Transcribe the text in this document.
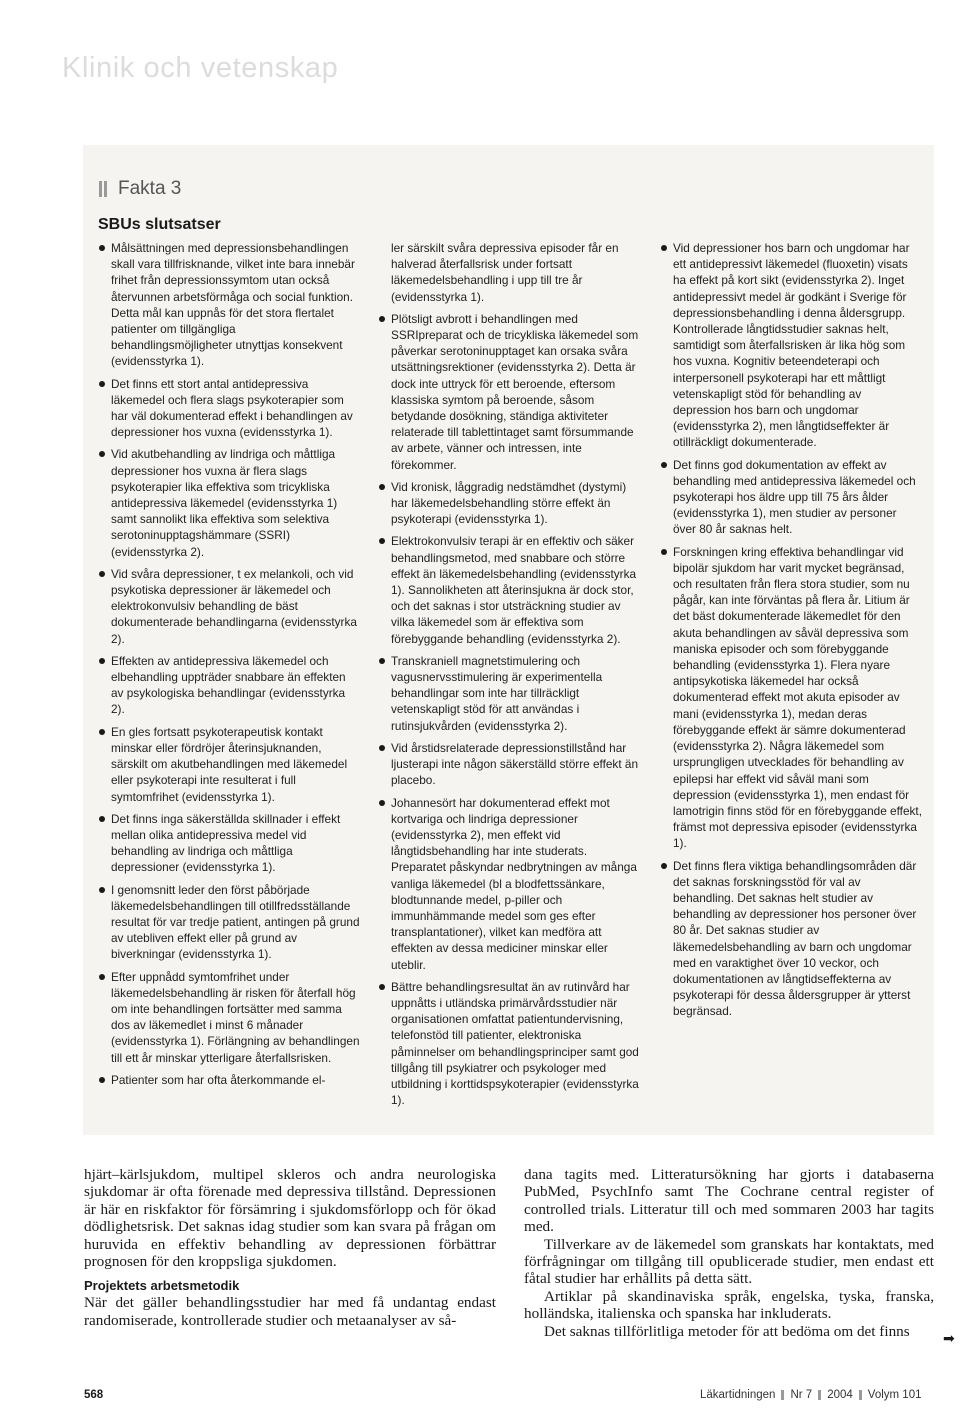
Klinik och vetenskap
Fakta 3
SBUs slutsatser
Målsättningen med depressionsbehandlingen skall vara tillfrisknande, vilket inte bara innebär frihet från depressionssymtom utan också återvunnen arbetsförmåga och social funktion. Detta mål kan uppnås för det stora flertalet patienter om tillgängliga behandlingsmöjligheter utnyttjas konsekvent (evidensstyrka 1).
Det finns ett stort antal antidepressiva läkemedel och flera slags psykoterapier som har väl dokumenterad effekt i behandlingen av depressioner hos vuxna (evidensstyrka 1).
Vid akutbehandling av lindriga och måttliga depressioner hos vuxna är flera slags psykoterapier lika effektiva som tricykliska antidepressiva läkemedel (evidensstyrka 1) samt sannolikt lika effektiva som selektiva serotoninupptagshämmare (SSRI) (evidensstyrka 2).
Vid svåra depressioner, t ex melankoli, och vid psykotiska depressioner är läkemedel och elektrokonvulsiv behandling de bäst dokumenterade behandlingarna (evidensstyrka 2).
Effekten av antidepressiva läkemedel och elbehandling uppträder snabbare än effekten av psykologiska behandlingar (evidensstyrka 2).
En gles fortsatt psykoterapeutisk kontakt minskar eller fördröjer återinsjuknanden, särskilt om akutbehandlingen med läkemedel eller psykoterapi inte resulterat i full symtomfrihet (evidensstyrka 1).
Det finns inga säkerställda skillnader i effekt mellan olika antidepressiva medel vid behandling av lindriga och måttliga depressioner (evidensstyrka 1).
I genomsnitt leder den först påbörjade läkemedelsbehandlingen till otillfredsställande resultat för var tredje patient, antingen på grund av utebliven effekt eller på grund av biverkningar (evidensstyrka 1).
Efter uppnådd symtomfrihet under läkemedelsbehandling är risken för återfall hög om inte behandlingen fortsätter med samma dos av läkemedlet i minst 6 månader (evidensstyrka 1). Förlängning av behandlingen till ett år minskar ytterligare återfallsrisken.
Patienter som har ofta återkommande el-
ler särskilt svåra depressiva episoder får en halverad återfallsrisk under fortsatt läkemedelsbehandling i upp till tre år (evidensstyrka 1).
Plötsligt avbrott i behandlingen med SSRIpreparat och de tricykliska läkemedel som påverkar serotoninupptaget kan orsaka svåra utsättningsrektioner (evidensstyrka 2). Detta är dock inte uttryck för ett beroende, eftersom klassiska symtom på beroende, såsom betydande dosökning, ständiga aktiviteter relaterade till tablettintaget samt försummande av arbete, vänner och intressen, inte förekommer.
Vid kronisk, låggradig nedstämdhet (dystymi) har läkemedelsbehandling större effekt än psykoterapi (evidensstyrka 1).
Elektrokonvulsiv terapi är en effektiv och säker behandlingsmetod, med snabbare och större effekt än läkemedelsbehandling (evidensstyrka 1). Sannolikheten att återinsjukna är dock stor, och det saknas i stor utsträckning studier av vilka läkemedel som är effektiva som förebyggande behandling (evidensstyrka 2).
Transkraniell magnetstimulering och vagusnervsstimulering är experimentella behandlingar som inte har tillräckligt vetenskapligt stöd för att användas i rutinsjukvården (evidensstyrka 2).
Vid årstidsrelaterade depressionstillstånd har ljusterapi inte någon säkerställd större effekt än placebo.
Johannesört har dokumenterad effekt mot kortvariga och lindriga depressioner (evidensstyrka 2), men effekt vid långtidsbehandling har inte studerats. Preparatet påskyndar nedbrytningen av många vanliga läkemedel (bl a blodfettssänkare, blodtunnande medel, p-piller och immunhämmande medel som ges efter transplantationer), vilket kan medföra att effekten av dessa mediciner minskar eller uteblir.
Bättre behandlingsresultat än av rutinvård har uppnåtts i utländska primärvårdsstudier när organisationen omfattat patientundervisning, telefonstöd till patienter, elektroniska påminnelser om behandlingsprinciper samt god tillgång till psykiatrer och psykologer med utbildning i korttidspsykoterapier (evidensstyrka 1).
Vid depressioner hos barn och ungdomar har ett antidepressivt läkemedel (fluoxetin) visats ha effekt på kort sikt (evidensstyrka 2). Inget antidepressivt medel är godkänt i Sverige för depressionsbehandling i denna åldersgrupp. Kontrollerade långtidsstudier saknas helt, samtidigt som återfallsrisken är lika hög som hos vuxna. Kognitiv beteendeterapi och interpersonell psykoterapi har ett måttligt vetenskapligt stöd för behandling av depression hos barn och ungdomar (evidensstyrka 2), men långtidseffekter är otillräckligt dokumenterade.
Det finns god dokumentation av effekt av behandling med antidepressiva läkemedel och psykoterapi hos äldre upp till 75 års ålder (evidensstyrka 1), men studier av personer över 80 år saknas helt.
Forskningen kring effektiva behandlingar vid bipolär sjukdom har varit mycket begränsad, och resultaten från flera stora studier, som nu pågår, kan inte förväntas på flera år. Litium är det bäst dokumenterade läkemedlet för den akuta behandlingen av såväl depressiva som maniska episoder och som förebyggande behandling (evidensstyrka 1). Flera nyare antipsykotiska läkemedel har också dokumenterad effekt mot akuta episoder av mani (evidensstyrka 1), medan deras förebyggande effekt är sämre dokumenterad (evidensstyrka 2). Några läkemedel som ursprungligen utvecklades för behandling av epilepsi har effekt vid såväl mani som depression (evidensstyrka 1), men endast för lamotrigin finns stöd för en förebyggande effekt, främst mot depressiva episoder (evidensstyrka 1).
Det finns flera viktiga behandlingsområden där det saknas forskningsstöd för val av behandling. Det saknas helt studier av behandling av depressioner hos personer över 80 år. Det saknas studier av läkemedelsbehandling av barn och ungdomar med en varaktighet över 10 veckor, och dokumentationen av långtidseffekterna av psykoterapi för dessa åldersgrupper är ytterst begränsad.

hjärt–kärlsjukdom, multipel skleros och andra neurologiska sjukdomar är ofta förenade med depressiva tillstånd. Depressionen är här en riskfaktor för försämring i sjukdomsförlopp och för ökad dödlighetsrisk. Det saknas idag studier som kan svara på frågan om huruvida en effektiv behandling av depressionen förbättrar prognosen för den kroppsliga sjukdomen.

Projektets arbetsmetodik

När det gäller behandlingsstudier har med få undantag endast randomiserade, kontrollerade studier och metaanalyser av så-

dana tagits med. Litteratursökning har gjorts i databaserna PubMed, PsychInfo samt The Cochrane central register of controlled trials. Litteratur till och med sommaren 2003 har tagits med.

Tillverkare av de läkemedel som granskats har kontaktats, med förfrågningar om tillgång till opublicerade studier, men endast ett fåtal studier har erhållits på detta sätt.

Artiklar på skandinaviska språk, engelska, tyska, franska, holländska, italienska och spanska har inkluderats.

Det saknas tillförlitliga metoder för att bedöma om det finns	➡
568	Läkartidningen Nr 7 2004 Volym 101
